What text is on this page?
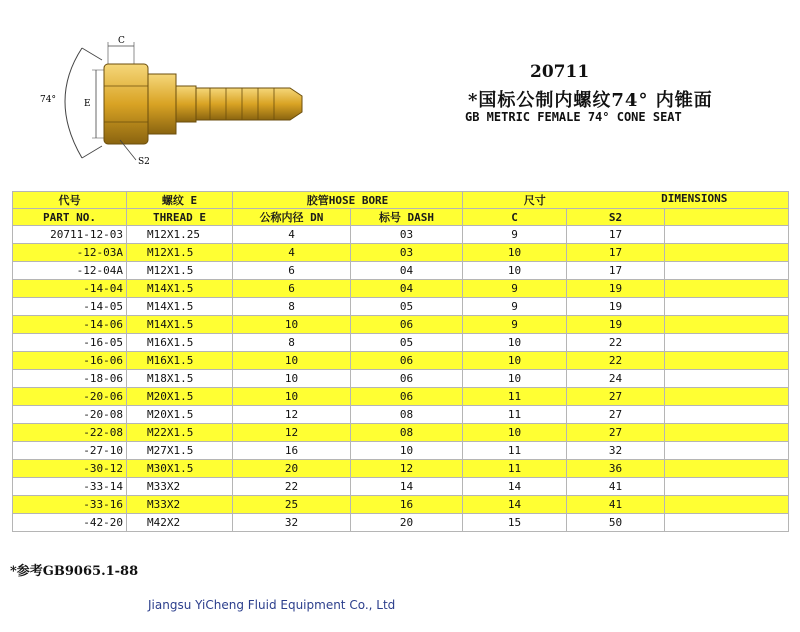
74°	E
C
S2
20711
*国标公制内螺纹74° 内锥面
GB METRIC FEMALE 74° CONE SEAT
代号	螺纹 E	胶管HOSE BORE		尺寸 DIMENSIONS		

PART NO.	THREAD E	公称内径 DN	标号 DASH	C	S2	
20711-12-03	M12X1.25	4	03	9	17	
-12-03A	M12X1.5	4	03	10	17	
-12-04A	M12X1.5	6	04	10	17	
-14-04	M14X1.5	6	04	9	19	
-14-05	M14X1.5	8	05	9	19	
-14-06	M14X1.5	10	06	9	19	
-16-05	M16X1.5	8	05	10	22	
-16-06	M16X1.5	10	06	10	22	
-18-06	M18X1.5	10	06	10	24	
-20-06	M20X1.5	10	06	11	27	
-20-08	M20X1.5	12	08	11	27	
-22-08	M22X1.5	12	08	10	27	
-27-10	M27X1.5	16	10	11	32	
-30-12	M30X1.5	20	12	11	36	
-33-14	M33X2	22	14	14	41	
-33-16	M33X2	25	16	14	41	
-42-20	M42X2	32	20	15	50	
*参考GB9065.1-88
Jiangsu YiCheng Fluid Equipment Co., Ltd
